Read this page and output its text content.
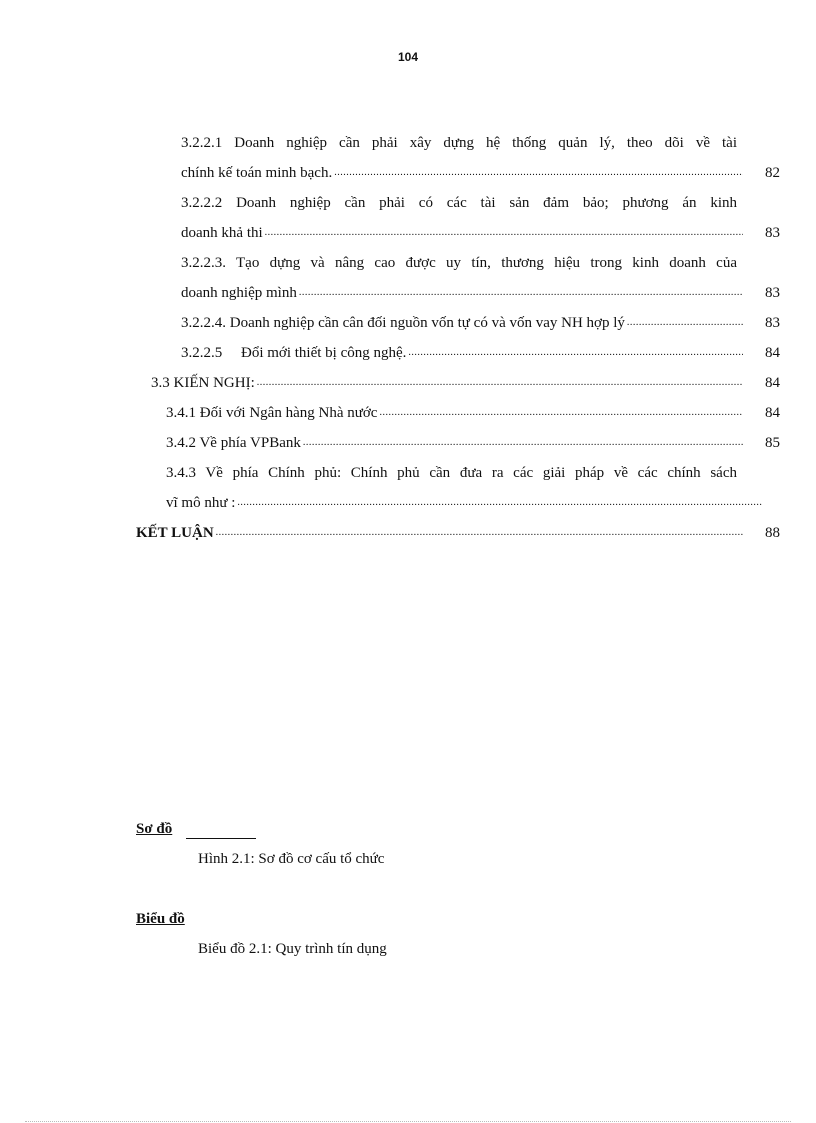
104
3.2.2.1 Doanh nghiệp cần phải xây dựng hệ thống quản lý, theo dõi về tài
chính kế toán minh bạch. .....	82
3.2.2.2 Doanh nghiệp cần phải có các tài sản đảm bảo; phương án kinh
doanh khả thi .....	83
3.2.2.3. Tạo dựng và nâng cao được uy tín, thương hiệu trong kinh doanh của
doanh nghiệp mình .....	83
3.2.2.4. Doanh nghiệp cần cân đối nguồn vốn tự có và vốn vay NH hợp lý .....	83
3.2.2.5     Đổi mới thiết bị công nghệ. .....	84
3.3 KIẾN NGHỊ: .....	84
3.4.1 Đối với Ngân hàng Nhà nước .....	84
3.4.2 Về phía VPBank .....	85
3.4.3 Về phía Chính phủ: Chính phủ cần đưa ra các giải pháp về các chính sách
vĩ mô như :
.....
KẾT LUẬN .....	88
Sơ đồ
Hình 2.1: Sơ đồ cơ cấu tổ chức
Biểu đồ
Biểu đồ 2.1: Quy trình tín dụng
